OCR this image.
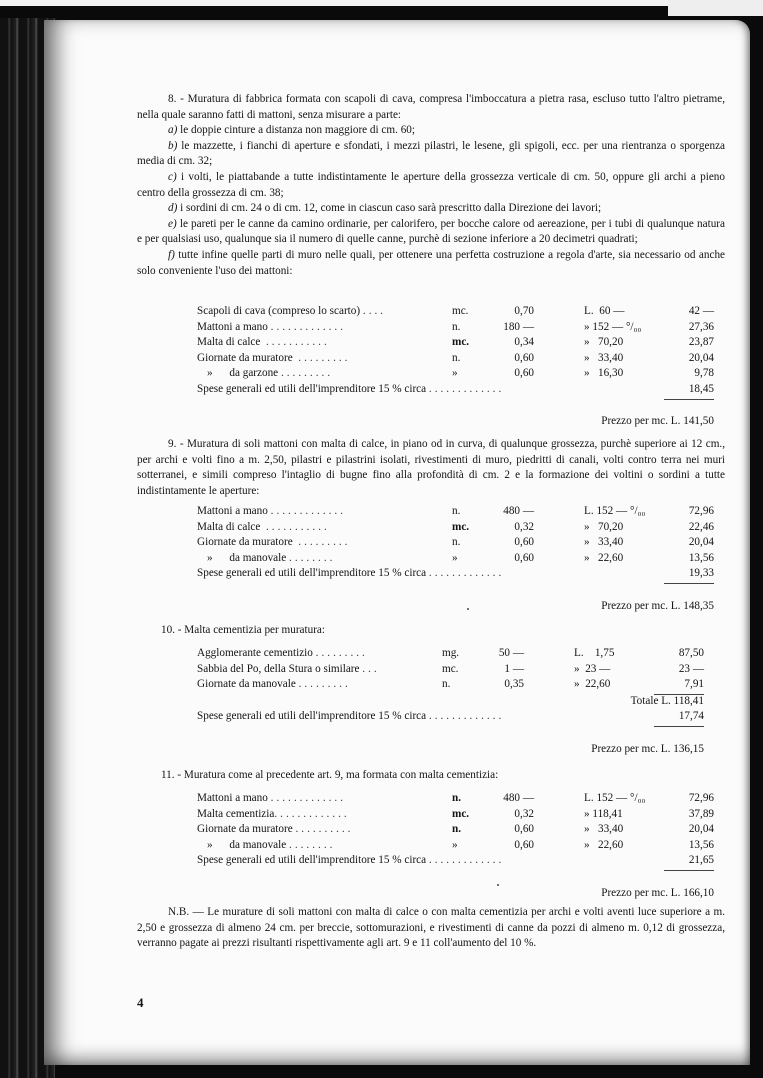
8. - Muratura di fabbrica formata con scapoli di cava, compresa l'imboccatura a pietra rasa, escluso tutto l'altro pietrame, nella quale saranno fatti di mattoni, senza misurare a parte:

a) le doppie cinture a distanza non maggiore di cm. 60;

b) le mazzette, i fianchi di aperture e sfondati, i mezzi pilastri, le lesene, gli spigoli, ecc. per una rientranza o sporgenza media di cm. 32;

c) i volti, le piattabande a tutte indistintamente le aperture della grossezza verticale di cm. 50, oppure gli archi a pieno centro della grossezza di cm. 38;

d) i sordini di cm. 24 o di cm. 12, come in ciascun caso sarà prescritto dalla Direzione dei lavori;

e) le pareti per le canne da camino ordinarie, per calorifero, per bocche calore od aereazione, per i tubi di qualunque natura e per qualsiasi uso, qualunque sia il numero di quelle canne, purchè di sezione inferiore a 20 decimetri quadrati;

f) tutte infine quelle parti di muro nelle quali, per ottenere una perfetta costruzione a regola d'arte, sia necessario od anche solo conveniente l'uso dei mattoni:

Scapoli di cava (compreso lo scarto) ....	mc.	0,70	L. 60 —	42 —
Mattoni a mano .............	n.	180 —	» 152 — °/₀₀	27,36
Malta di calce ...........	mc.	0,34	» 70,20	23,87
Giornate da muratore .........	n.	0,60	» 33,40	20,04
»      da garzone .........	»	0,60	» 16,30	9,78
Spese generali ed utili dell'imprenditore 15 % circa .............				18,45

Prezzo per mc. L. 141,50				

9. - Muratura di soli mattoni con malta di calce, in piano od in curva, di qualunque grossezza, purchè superiore ai 12 cm., per archi e volti fino a m. 2,50, pilastri e pilastrini isolati, rivestimenti di muro, piedritti di canali, volti contro terra nei muri sotterranei, e simili compreso l'intaglio di bugne fino alla profondità di cm. 2 e la formazione dei voltini o sordini a tutte indistintamente le aperture:

Mattoni a mano .............	n.	480 —	L. 152 — °/₀₀	72,96
Malta di calce ...........	mc.	0,32	» 70,20	22,46
Giornate da muratore .........	n.	0,60	» 33,40	20,04
»      da manovale ........	»	0,60	» 22,60	13,56
Spese generali ed utili dell'imprenditore 15 % circa .............				19,33

Prezzo per mc. L. 148,35				
10. - Malta cementizia per muratura:
Agglomerante cementizio .........	mg.	50 —	L. 1,75	87,50
Sabbia del Po, della Stura o similare ...	mc.	1 —	» 23 —	23 —
Giornate da manovale .........	n.	0,35	» 22,60	7,91
Totale L. 118,41				
Spese generali ed utili dell'imprenditore 15 % circa .............				17,74

Prezzo per mc. L. 136,15				
11. - Muratura come al precedente art. 9, ma formata con malta cementizia:
Mattoni a mano .............	n.	480 —	L. 152 — °/₀₀	72,96
Malta cementizia.............	mc.	0,32	» 118,41	37,89
Giornate da muratore ..........	n.	0,60	» 33,40	20,04
»      da manovale ........	»	0,60	» 22,60	13,56
Spese generali ed utili dell'imprenditore 15 % circa .............				21,65

Prezzo per mc. L. 166,10				

N.B. — Le murature di soli mattoni con malta di calce o con malta cementizia per archi e volti aventi luce superiore a m. 2,50 e grossezza di almeno 24 cm. per breccie, sottomurazioni, e rivestimenti di canne da pozzi di almeno m. 0,12 di grossezza, verranno pagate ai prezzi risultanti rispettivamente agli art. 9 e 11 coll'aumento del 10 %.

4
